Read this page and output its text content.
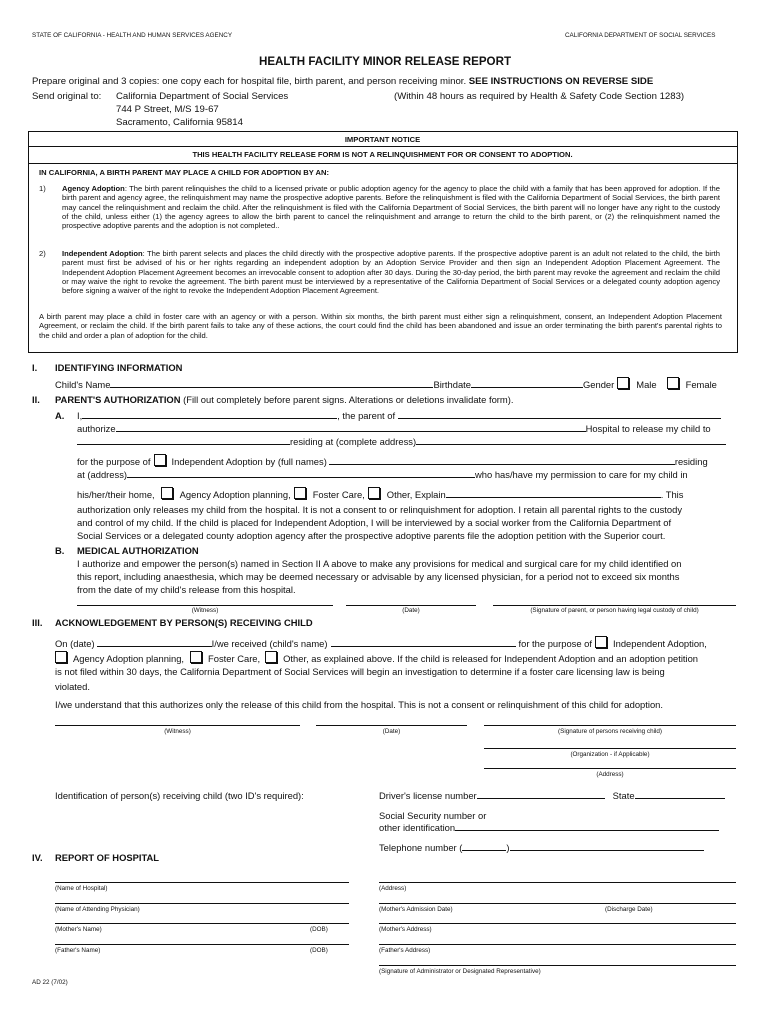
STATE OF CALIFORNIA - HEALTH AND HUMAN SERVICES AGENCY	CALIFORNIA DEPARTMENT OF SOCIAL SERVICES
HEALTH FACILITY MINOR RELEASE REPORT
Prepare original and 3 copies: one copy each for hospital file, birth parent, and person receiving minor. SEE INSTRUCTIONS ON REVERSE SIDE
Send original to: California Department of Social Services
744 P Street, M/S 19-67
Sacramento, California 95814
(Within 48 hours as required by Health & Safety Code Section 1283)
IMPORTANT NOTICE
THIS HEALTH FACILITY RELEASE FORM IS NOT A RELINQUISHMENT FOR OR CONSENT TO ADOPTION.
IN CALIFORNIA, A BIRTH PARENT MAY PLACE A CHILD FOR ADOPTION BY AN:
1) Agency Adoption: The birth parent relinquishes the child to a licensed private or public adoption agency for the agency to place the child with a family that has been approved for adoption. If the birth parent and agency agree, the relinquishment may name the prospective adoptive parents. Before the relinquishment is filed with the California Department of Social Services, the birth parent may cancel the relinquishment and reclaim the child. After the relinquishment is filed with the California Department of Social Services, the birth parent will no longer have any right to the custody of the child, unless either (1) the agency agrees to allow the birth parent to cancel the relinquishment and arrange to return the child to the birth parent, or (2) the relinquishment named the prospective adoptive parents and the adoption is not completed..
2) Independent Adoption: The birth parent selects and places the child directly with the prospective adoptive parents. If the prospective adoptive parent is an adult not related to the child, the birth parent must first be advised of his or her rights regarding an independent adoption by an Adoption Service Provider and then sign an Independent Adoption Placement Agreement. The Independent Adoption Placement Agreement becomes an irrevocable consent to adoption after 30 days. During the 30-day period, the birth parent may revoke the agreement and reclaim the child or may waive the right to revoke the agreement. The birth parent must be interviewed by a representative of the California Department of Social Services or a delegated county adoption agency before signing a waiver of the right to revoke the Independent Adoption Placement Agreement.
A birth parent may place a child in foster care with an agency or with a person. Within six months, the birth parent must either sign a relinquishment, consent, an Independent Adoption Placement Agreement, or reclaim the child. If the birth parent fails to take any of these actions, the court could find the child has been abandoned and issue an order terminating the birth parent's parental rights to the child and order a plan of adoption for the child.
I. IDENTIFYING INFORMATION
Child's Name	Birthdate	Gender Male	Female
II. PARENT'S AUTHORIZATION (Fill out completely before parent signs. Alterations or deletions invalidate form).
A. I,	, the parent of
authorize	Hospital to release my child to
residing at (complete address)
for the purpose of Independent Adoption by (full names)	residing
at (address)	who has/have my permission to care for my child in
his/her/their home,	Agency Adoption planning, Foster Care, Other, Explain	. This
authorization only releases my child from the hospital. It is not a consent to or relinquishment for adoption. I retain all parental rights to the custody
and control of my child. If the child is placed for Independent Adoption, I will be interviewed by a social worker from the California Department of
Social Services or a delegated county adoption agency after the prospective adoptive parents file the adoption petition with the Superior court.
B. MEDICAL AUTHORIZATION
I authorize and empower the person(s) named in Section II A above to make any provisions for medical and surgical care for my child identified on
this report, including anaesthesia, which may be deemed necessary or advisable by any licensed physician, for a period not to exceed six months
from the date of my child's release from this hospital.
(Witness)	(Date)	(Signature of parent, or person having legal custody of child)
III. ACKNOWLEDGEMENT BY PERSON(S) RECEIVING CHILD
On (date)	I/we received (child's name)	for the purpose of Independent Adoption,
Agency Adoption planning,	Foster Care, Other, as explained above. If the child is released for Independent Adoption and an adoption petition
is not filed within 30 days, the California Department of Social Services will begin an investigation to determine if a foster care licensing law is being
violated.
I/we understand that this authorizes only the release of this child from the hospital. This is not a consent or relinquishment of this child for adoption.
(Witness)	(Date)	(Signature of persons receiving child)
(Organization - if Applicable)
(Address)
Identification of person(s) receiving child (two ID's required):	Driver's license number	State
Social Security number or
other identification
Telephone number (	)
IV. REPORT OF HOSPITAL
(Name of Hospital)	(Address)
(Name of Attending Physician)	(Mother's Admission Date)	(Discharge Date)
(Mother's Name)	(DOB)	(Mother's Address)
(Father's Name)	(DOB)	(Father's Address)
(Signature of Administrator or Designated Representative)
AD 22 (7/02)
